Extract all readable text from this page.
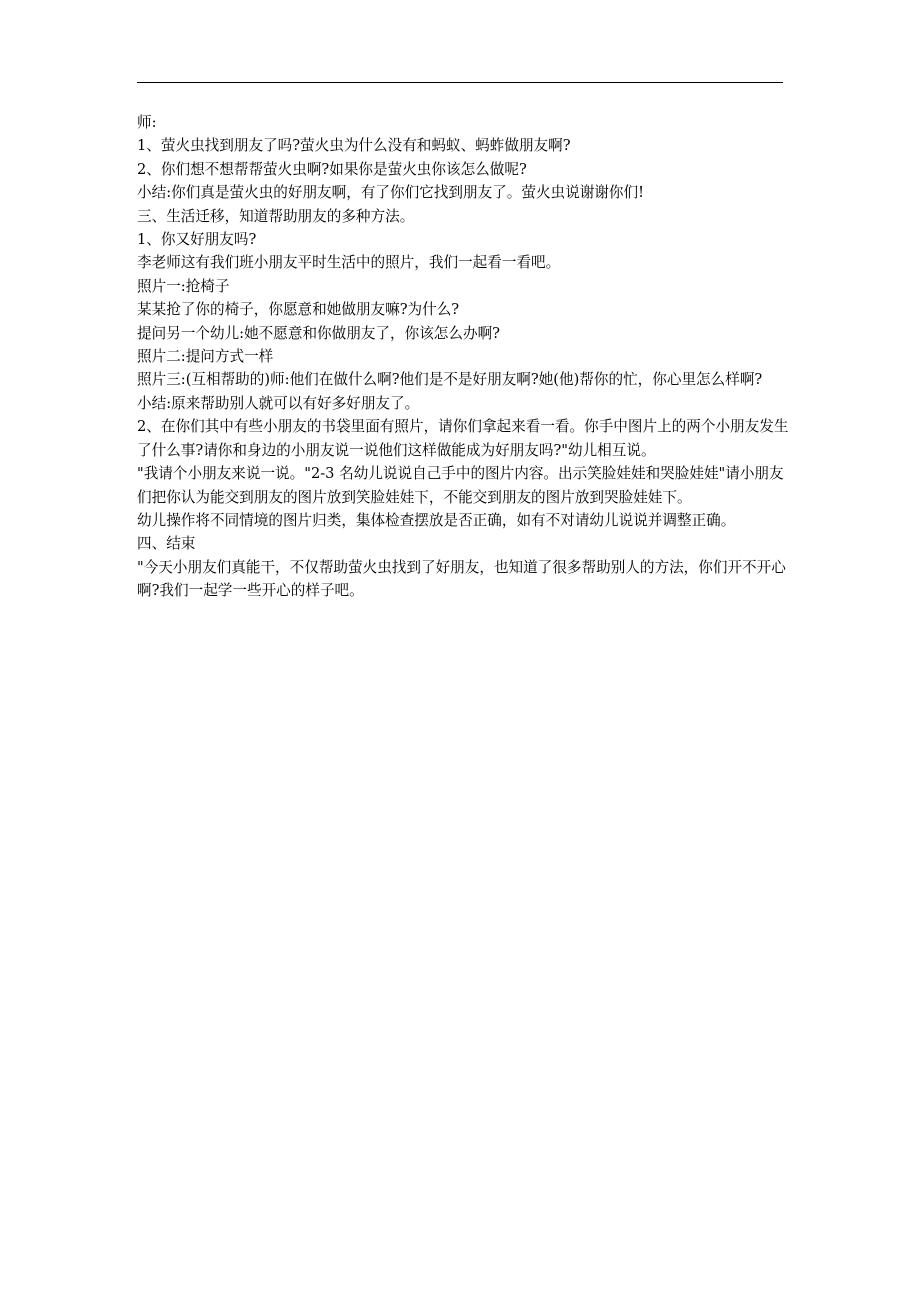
师:

1、萤火虫找到朋友了吗?萤火虫为什么没有和蚂蚁、蚂蚱做朋友啊?

2、你们想不想帮帮萤火虫啊?如果你是萤火虫你该怎么做呢?

小结:你们真是萤火虫的好朋友啊，有了你们它找到朋友了。萤火虫说谢谢你们!

三、生活迁移，知道帮助朋友的多种方法。

1、你又好朋友吗?

李老师这有我们班小朋友平时生活中的照片，我们一起看一看吧。

照片一:抢椅子

某某抢了你的椅子，你愿意和她做朋友嘛?为什么?

提问另一个幼儿:她不愿意和你做朋友了，你该怎么办啊?

照片二:提问方式一样

照片三:(互相帮助的)师:他们在做什么啊?他们是不是好朋友啊?她(他)帮你的忙，你心里怎么样啊?

小结:原来帮助别人就可以有好多好朋友了。

2、在你们其中有些小朋友的书袋里面有照片，请你们拿起来看一看。你手中图片上的两个小朋友发生了什么事?请你和身边的小朋友说一说他们这样做能成为好朋友吗?"幼儿相互说。

"我请个小朋友来说一说。"2-3 名幼儿说说自己手中的图片内容。出示笑脸娃娃和哭脸娃娃"请小朋友们把你认为能交到朋友的图片放到笑脸娃娃下，不能交到朋友的图片放到哭脸娃娃下。

幼儿操作将不同情境的图片归类，集体检查摆放是否正确，如有不对请幼儿说说并调整正确。

四、结束

"今天小朋友们真能干，不仅帮助萤火虫找到了好朋友，也知道了很多帮助别人的方法，你们开不开心啊?我们一起学一些开心的样子吧。
